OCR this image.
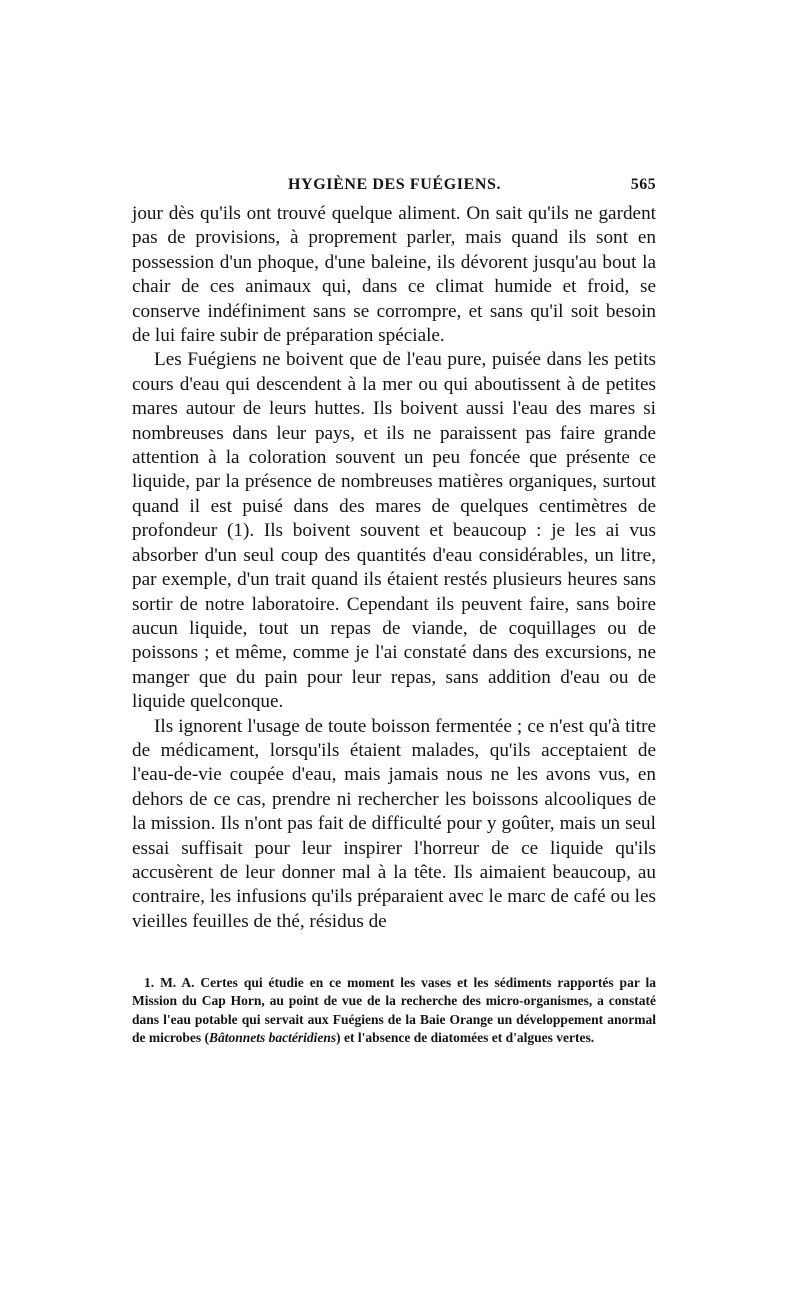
HYGIÈNE DES FUÉGIENS.	565

jour dès qu'ils ont trouvé quelque aliment. On sait qu'ils ne gardent pas de provisions, à proprement parler, mais quand ils sont en possession d'un phoque, d'une baleine, ils dévorent jusqu'au bout la chair de ces animaux qui, dans ce climat humide et froid, se conserve indéfiniment sans se corrompre, et sans qu'il soit besoin de lui faire subir de préparation spéciale.

Les Fuégiens ne boivent que de l'eau pure, puisée dans les petits cours d'eau qui descendent à la mer ou qui aboutissent à de petites mares autour de leurs huttes. Ils boivent aussi l'eau des mares si nombreuses dans leur pays, et ils ne paraissent pas faire grande attention à la coloration souvent un peu foncée que présente ce liquide, par la présence de nombreuses matières organiques, surtout quand il est puisé dans des mares de quelques centimètres de profondeur (1). Ils boivent souvent et beaucoup : je les ai vus absorber d'un seul coup des quantités d'eau considérables, un litre, par exemple, d'un trait quand ils étaient restés plusieurs heures sans sortir de notre laboratoire. Cependant ils peuvent faire, sans boire aucun liquide, tout un repas de viande, de coquillages ou de poissons ; et même, comme je l'ai constaté dans des excursions, ne manger que du pain pour leur repas, sans addition d'eau ou de liquide quelconque.

Ils ignorent l'usage de toute boisson fermentée ; ce n'est qu'à titre de médicament, lorsqu'ils étaient malades, qu'ils acceptaient de l'eau-de-vie coupée d'eau, mais jamais nous ne les avons vus, en dehors de ce cas, prendre ni rechercher les boissons alcooliques de la mission. Ils n'ont pas fait de difficulté pour y goûter, mais un seul essai suffisait pour leur inspirer l'horreur de ce liquide qu'ils accusèrent de leur donner mal à la tête. Ils aimaient beaucoup, au contraire, les infusions qu'ils préparaient avec le marc de café ou les vieilles feuilles de thé, résidus de

1. M. A. Certes qui étudie en ce moment les vases et les sédiments rapportés par la Mission du Cap Horn, au point de vue de la recherche des micro-organismes, a constaté dans l'eau potable qui servait aux Fuégiens de la Baie Orange un développement anormal de microbes (Bâtonnets bactéridiens) et l'absence de diatomées et d'algues vertes.
